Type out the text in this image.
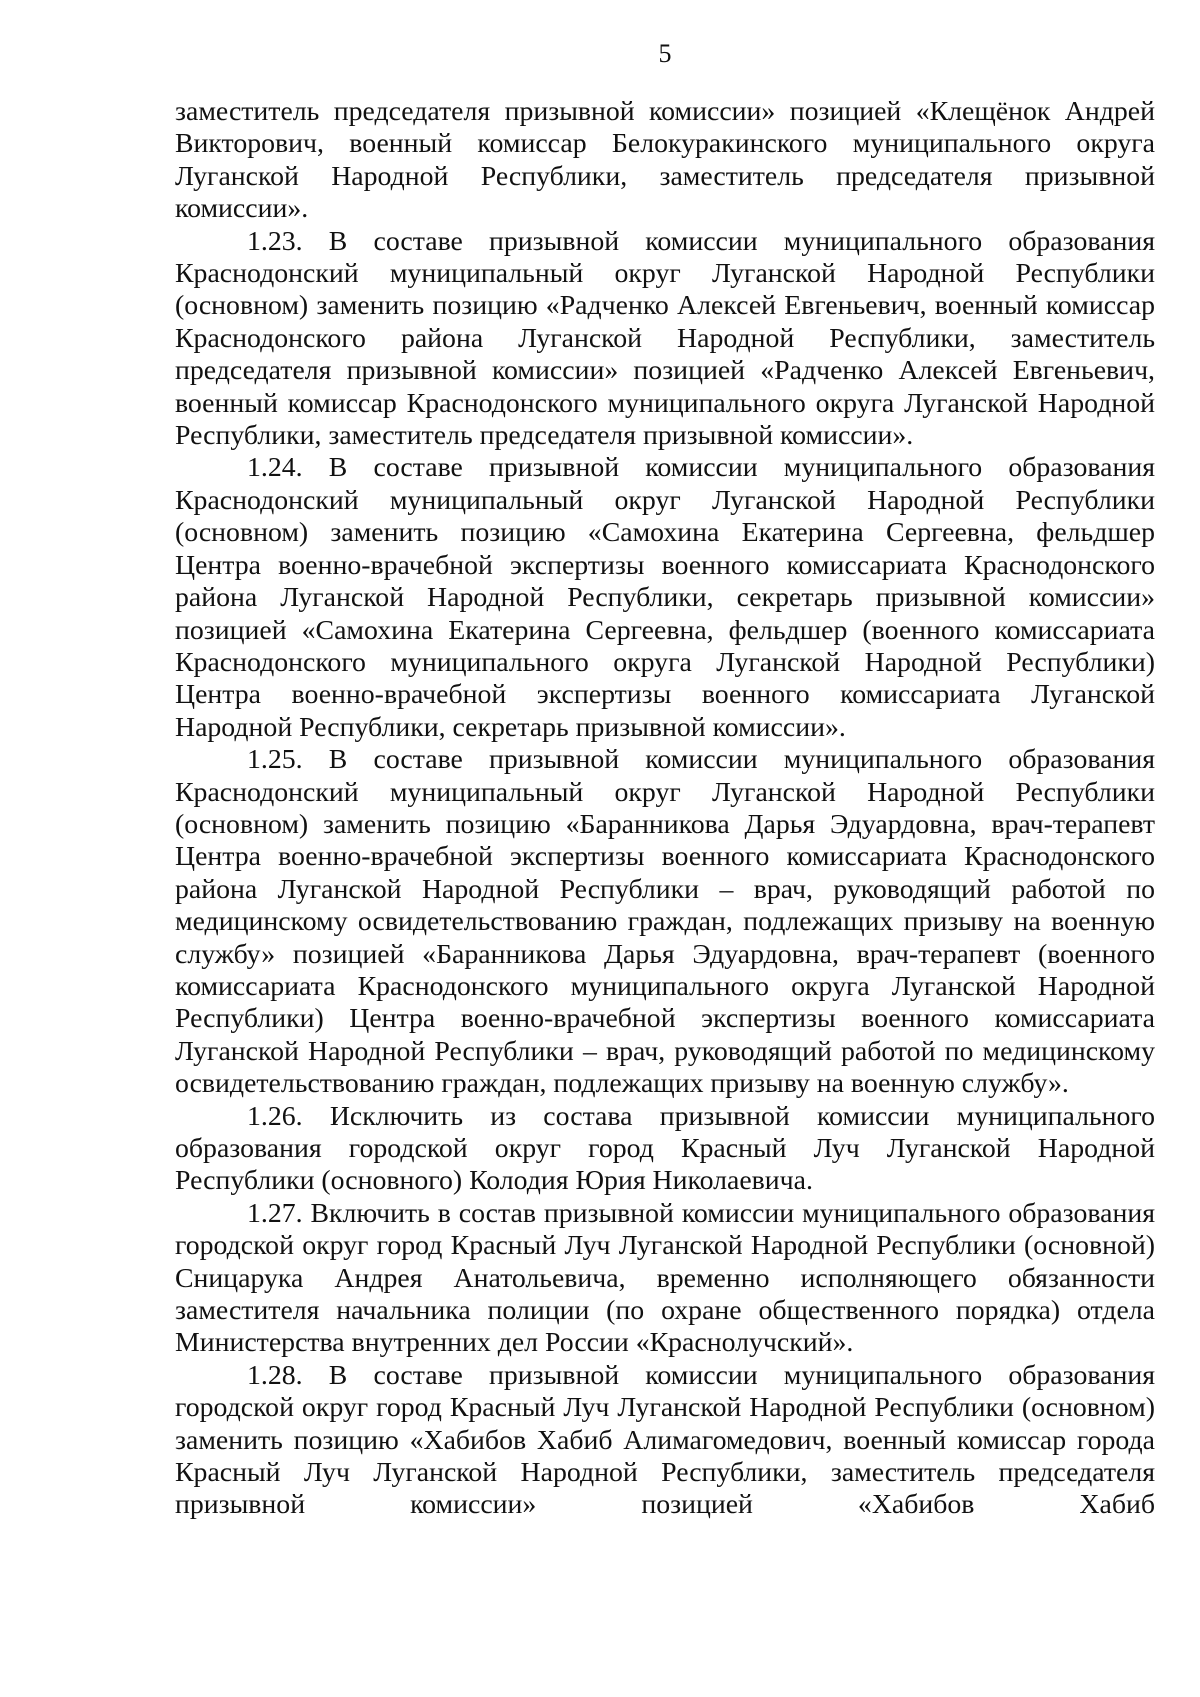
5

заместитель председателя призывной комиссии» позицией «Клещёнок Андрей Викторович, военный комиссар Белокуракинского муниципального округа Луганской Народной Республики, заместитель председателя призывной комиссии».

1.23. В составе призывной комиссии муниципального образования Краснодонский муниципальный округ Луганской Народной Республики (основном) заменить позицию «Радченко Алексей Евгеньевич, военный комиссар Краснодонского района Луганской Народной Республики, заместитель председателя призывной комиссии» позицией «Радченко Алексей Евгеньевич, военный комиссар Краснодонского муниципального округа Луганской Народной Республики, заместитель председателя призывной комиссии».

1.24. В составе призывной комиссии муниципального образования Краснодонский муниципальный округ Луганской Народной Республики (основном) заменить позицию «Самохина Екатерина Сергеевна, фельдшер Центра военно-врачебной экспертизы военного комиссариата Краснодонского района Луганской Народной Республики, секретарь призывной комиссии» позицией «Самохина Екатерина Сергеевна, фельдшер (военного комиссариата Краснодонского муниципального округа Луганской Народной Республики) Центра военно-врачебной экспертизы военного комиссариата Луганской Народной Республики, секретарь призывной комиссии».

1.25. В составе призывной комиссии муниципального образования Краснодонский муниципальный округ Луганской Народной Республики (основном) заменить позицию «Баранникова Дарья Эдуардовна, врач-терапевт Центра военно-врачебной экспертизы военного комиссариата Краснодонского района Луганской Народной Республики – врач, руководящий работой по медицинскому освидетельствованию граждан, подлежащих призыву на военную службу» позицией «Баранникова Дарья Эдуардовна, врач-терапевт (военного комиссариата Краснодонского муниципального округа Луганской Народной Республики) Центра военно-врачебной экспертизы военного комиссариата Луганской Народной Республики – врач, руководящий работой по медицинскому освидетельствованию граждан, подлежащих призыву на военную службу».

1.26. Исключить из состава призывной комиссии муниципального образования городской округ город Красный Луч Луганской Народной Республики (основного) Колодия Юрия Николаевича.

1.27. Включить в состав призывной комиссии муниципального образования городской округ город Красный Луч Луганской Народной Республики (основной) Сницарука Андрея Анатольевича, временно исполняющего обязанности заместителя начальника полиции (по охране общественного порядка) отдела Министерства внутренних дел России «Краснолучский».

1.28. В составе призывной комиссии муниципального образования городской округ город Красный Луч Луганской Народной Республики (основном) заменить позицию «Хабибов Хабиб Алимагомедович, военный комиссар города Красный Луч Луганской Народной Республики, заместитель председателя призывной комиссии» позицией «Хабибов Хабиб
